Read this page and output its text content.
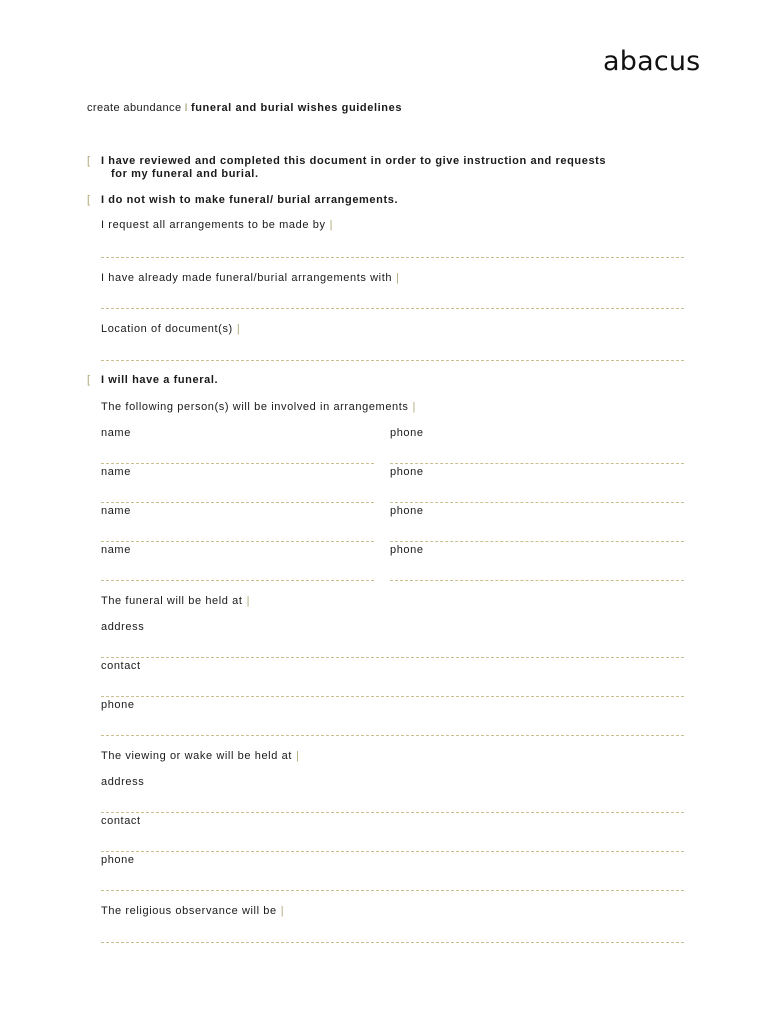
abacus
create abundance I funeral and burial wishes guidelines
[ I have reviewed and completed this document in order to give instruction and requests
for my funeral and burial.
[ I do not wish to make funeral/ burial arrangements.
I request all arrangements to be made by |
I have already made funeral/burial arrangements with |
Location of document(s) |
[ I will have a funeral.
The following person(s) will be involved in arrangements |
name	phone
name	phone
name	phone
name	phone
The funeral will be held at |
address
contact
phone
The viewing or wake will be held at |
address
contact
phone
The religious observance will be |
